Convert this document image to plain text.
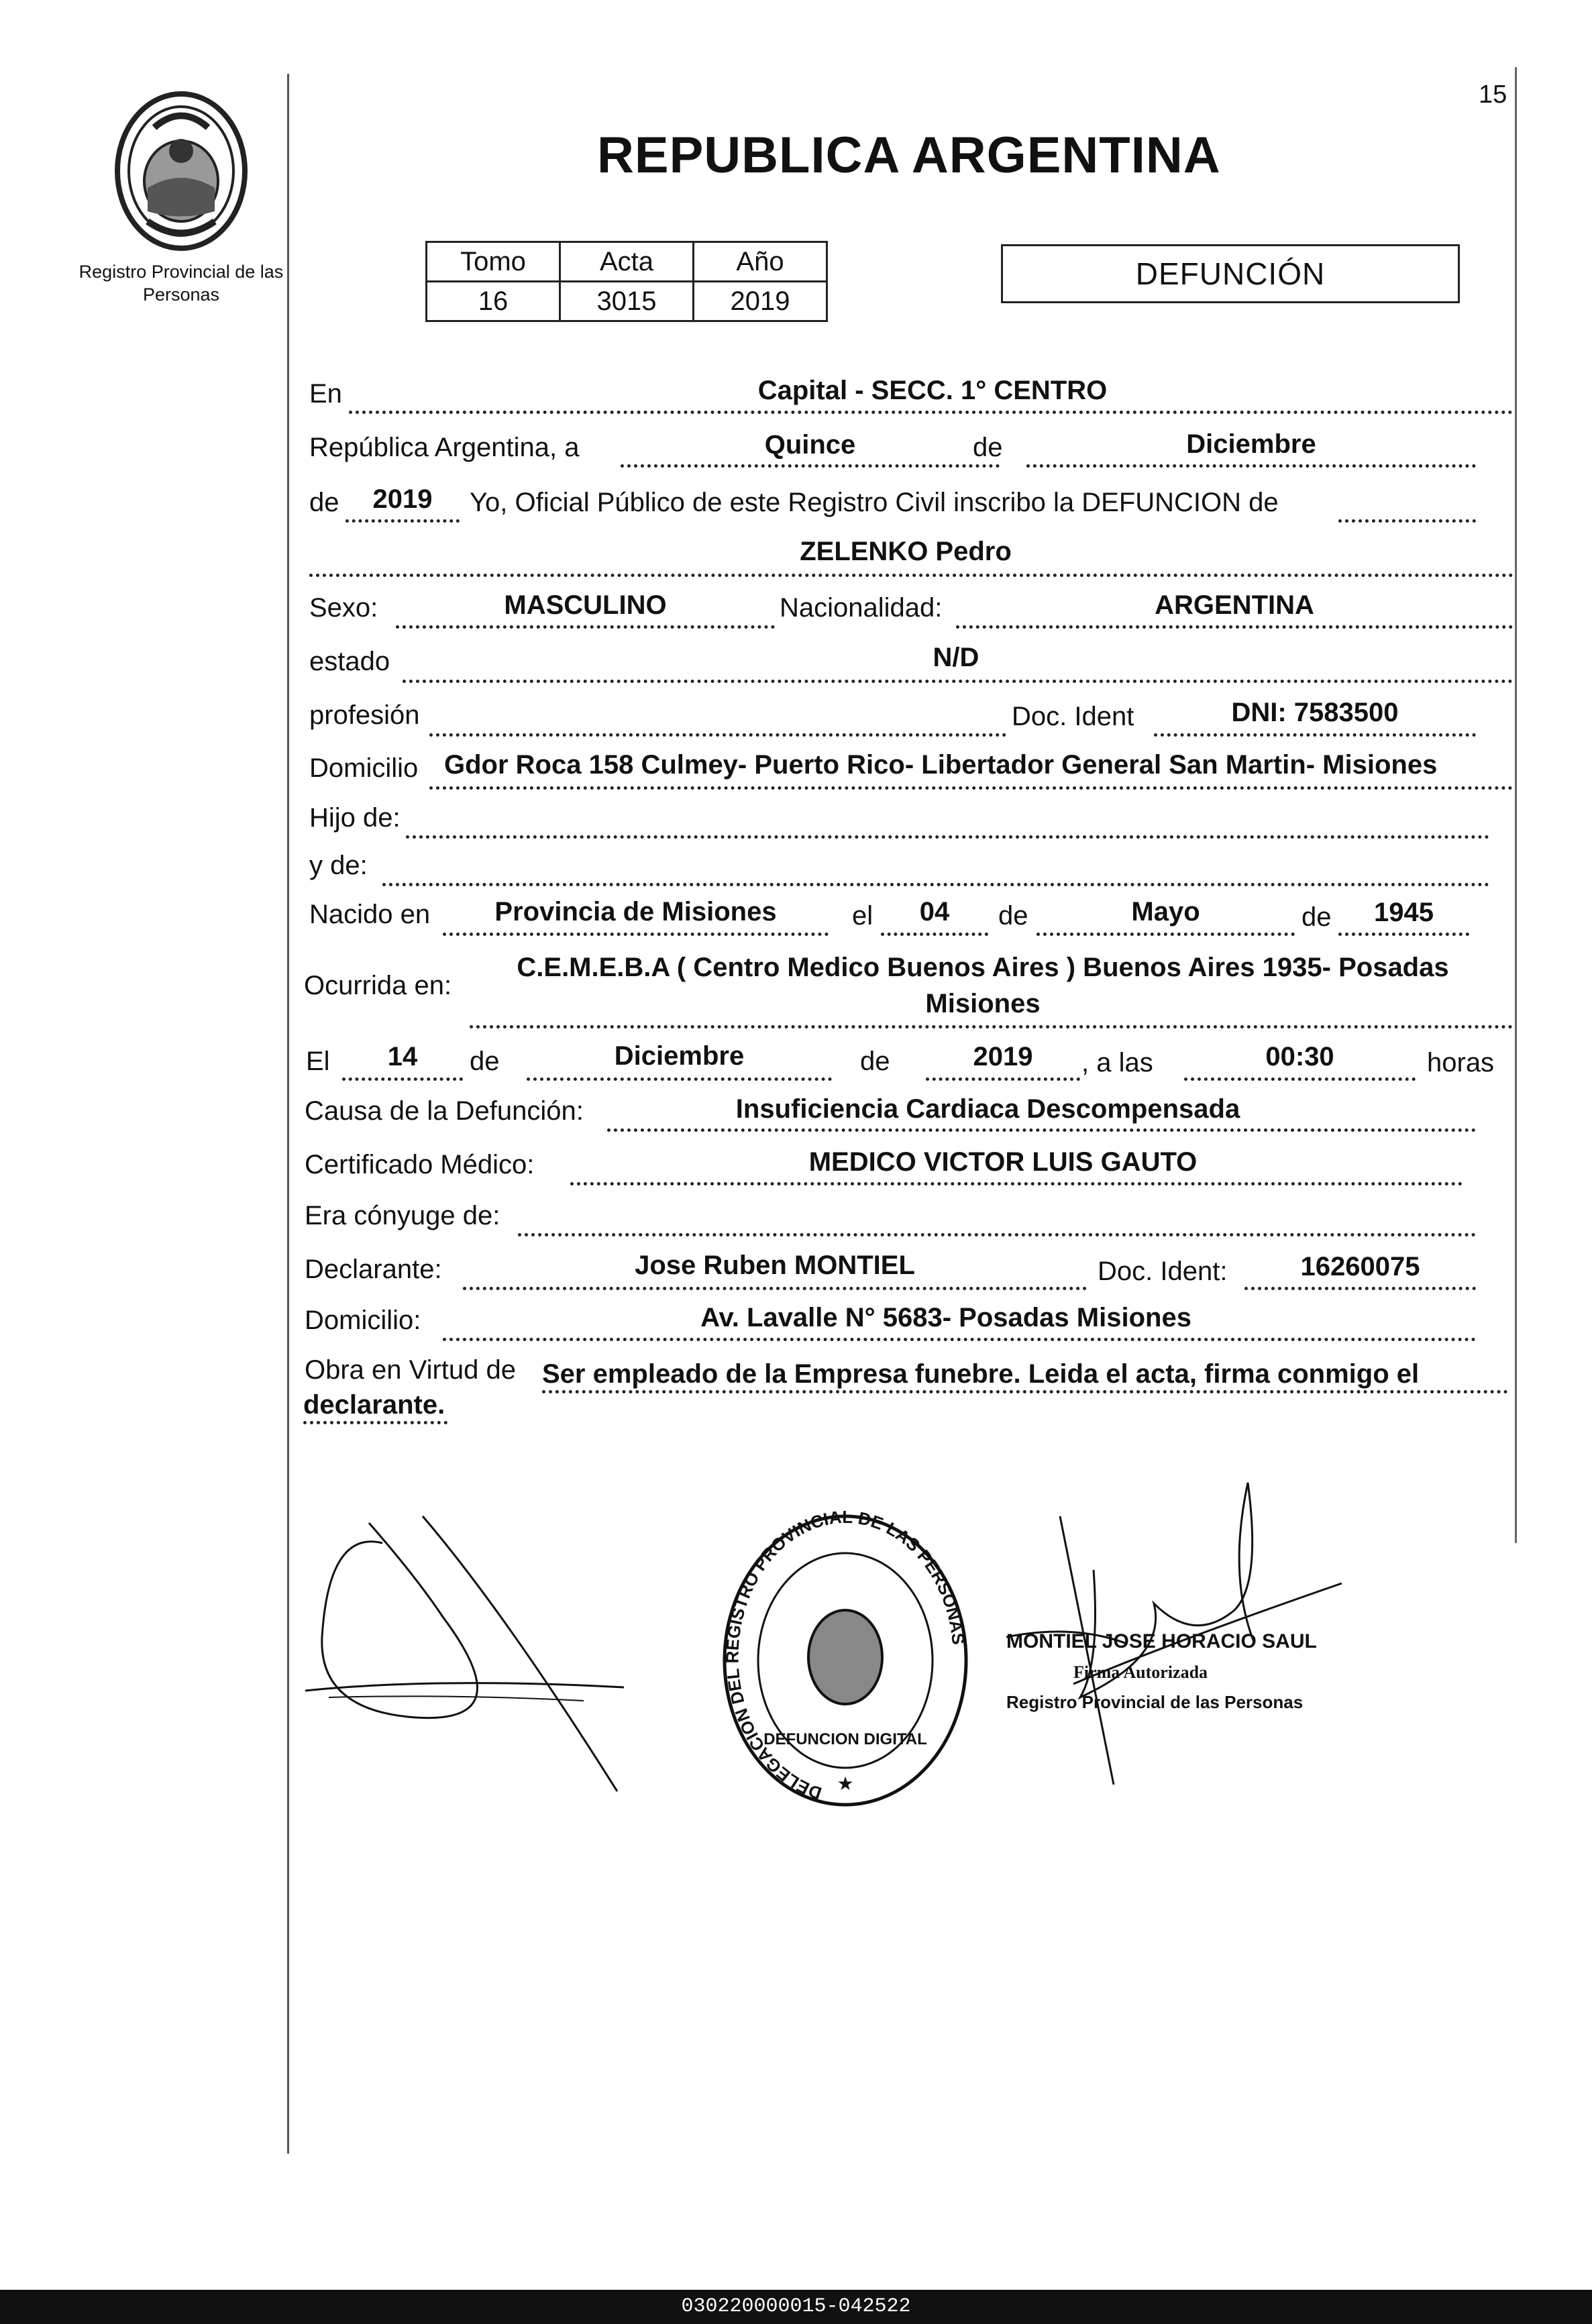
Registro Provincial de las Personas
15
REPUBLICA ARGENTINA
Tomo	Acta	Año
16	3015	2019
DEFUNCIÓN
En	Capital - SECC. 1° CENTRO
República Argentina, a	Quince	de	Diciembre
de	2019	Yo, Oficial Público de este Registro Civil inscribo la DEFUNCION de
ZELENKO Pedro
Sexo:	MASCULINO	Nacionalidad:	ARGENTINA
estado	N/D
profesión	Doc. Ident	DNI: 7583500
Domicilio Gdor Roca 158 Culmey- Puerto Rico- Libertador General San Martin- Misiones
Hijo de:
y de:
Nacido en	Provincia de Misiones	el	04	de	Mayo	de	1945
Ocurrida en:
C.E.M.E.B.A ( Centro Medico Buenos Aires ) Buenos Aires 1935- Posadas
Misiones
El	14	de	Diciembre	de	2019	, a las	00:30	horas
Causa de la Defunción:	Insuficiencia Cardiaca Descompensada
Certificado Médico:	MEDICO VICTOR LUIS GAUTO
Era cónyuge de:
Declarante:	Jose Ruben MONTIEL	Doc. Ident:	16260075
Domicilio:	Av. Lavalle N° 5683- Posadas Misiones
Obra en Virtud de Ser empleado de la Empresa funebre. Leida el acta, firma conmigo el
declarante.
DELEGACION DEL REGISTRO PROVINCIAL DE LAS PERSONAS
DEFUNCION DIGITAL
★
MONTIEL JOSE HORACIO SAUL
Firma Autorizada
Registro Provincial de las Personas
030220000015-042522
